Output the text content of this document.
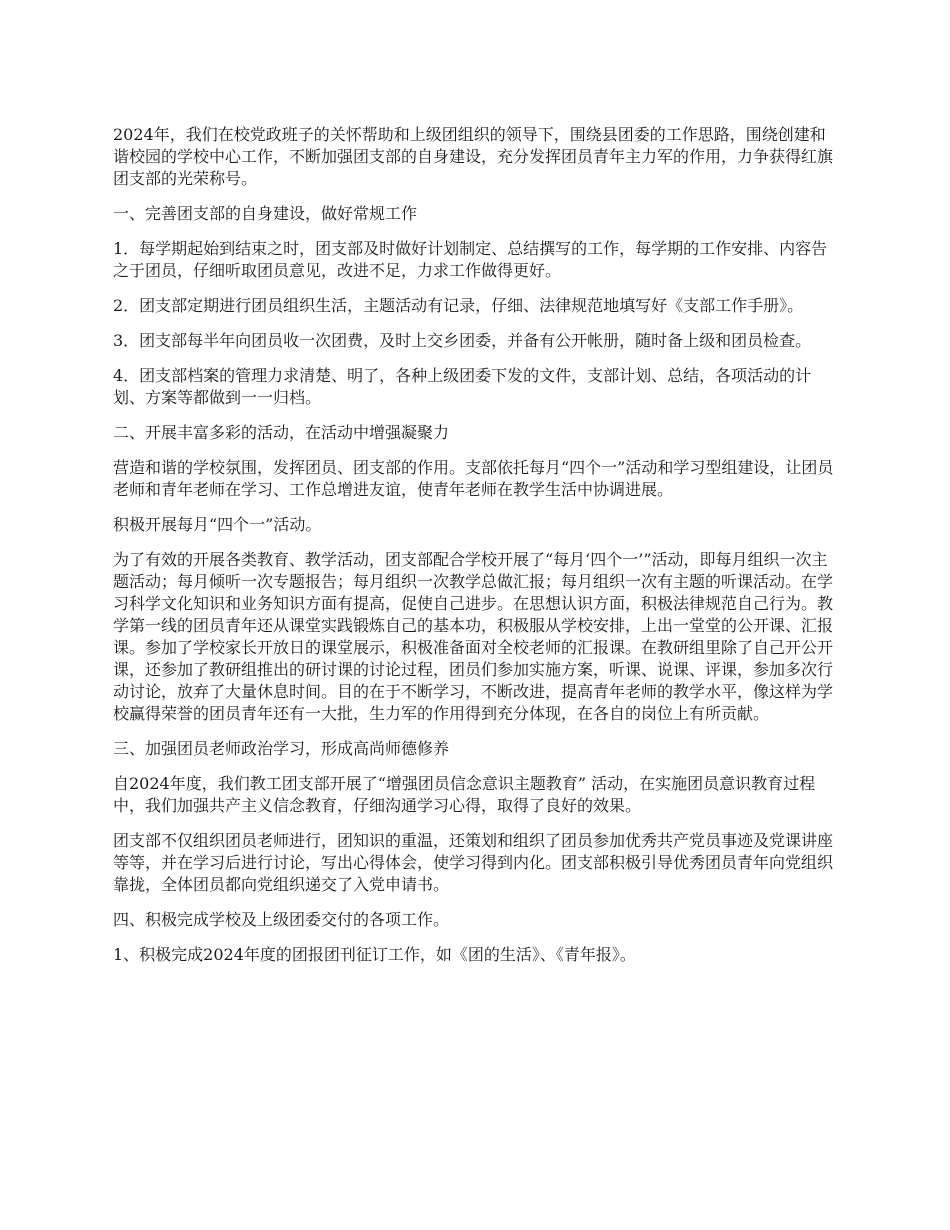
2024年，我们在校党政班子的关怀帮助和上级团组织的领导下，围绕县团委的工作思路，围绕创建和谐校园的学校中心工作，不断加强团支部的自身建设，充分发挥团员青年主力军的作用，力争获得红旗团支部的光荣称号。

一、完善团支部的自身建设，做好常规工作

1．每学期起始到结束之时，团支部及时做好计划制定、总结撰写的工作，每学期的工作安排、内容告之于团员，仔细听取团员意见，改进不足，力求工作做得更好。

2．团支部定期进行团员组织生活，主题活动有记录，仔细、法律规范地填写好《支部工作手册》。

3．团支部每半年向团员收一次团费，及时上交乡团委，并备有公开帐册，随时备上级和团员检查。

4．团支部档案的管理力求清楚、明了，各种上级团委下发的文件，支部计划、总结，各项活动的计划、方案等都做到一一归档。

二、开展丰富多彩的活动，在活动中增强凝聚力

营造和谐的学校氛围，发挥团员、团支部的作用。支部依托每月“四个一”活动和学习型组建设，让团员老师和青年老师在学习、工作总增进友谊，使青年老师在教学生活中协调进展。

积极开展每月“四个一”活动。

为了有效的开展各类教育、教学活动，团支部配合学校开展了“每月‘四个一’”活动，即每月组织一次主题活动；每月倾听一次专题报告；每月组织一次教学总做汇报；每月组织一次有主题的听课活动。在学习科学文化知识和业务知识方面有提高，促使自己进步。在思想认识方面，积极法律规范自己行为。教学第一线的团员青年还从课堂实践锻炼自己的基本功，积极服从学校安排，上出一堂堂的公开课、汇报课。参加了学校家长开放日的课堂展示，积极准备面对全校老师的汇报课。在教研组里除了自己开公开课，还参加了教研组推出的研讨课的讨论过程，团员们参加实施方案，听课、说课、评课，参加多次行动讨论，放弃了大量休息时间。目的在于不断学习，不断改进，提高青年老师的教学水平，像这样为学校赢得荣誉的团员青年还有一大批，生力军的作用得到充分体现，在各自的岗位上有所贡献。

三、加强团员老师政治学习，形成高尚师德修养

自2024年度，我们教工团支部开展了“增强团员信念意识主题教育” 活动，在实施团员意识教育过程中，我们加强共产主义信念教育，仔细沟通学习心得，取得了良好的效果。

团支部不仅组织团员老师进行，团知识的重温，还策划和组织了团员参加优秀共产党员事迹及党课讲座等等，并在学习后进行讨论，写出心得体会，使学习得到内化。团支部积极引导优秀团员青年向党组织靠拢，全体团员都向党组织递交了入党申请书。

四、积极完成学校及上级团委交付的各项工作。

1、积极完成2024年度的团报团刊征订工作，如《团的生活》、《青年报》。
